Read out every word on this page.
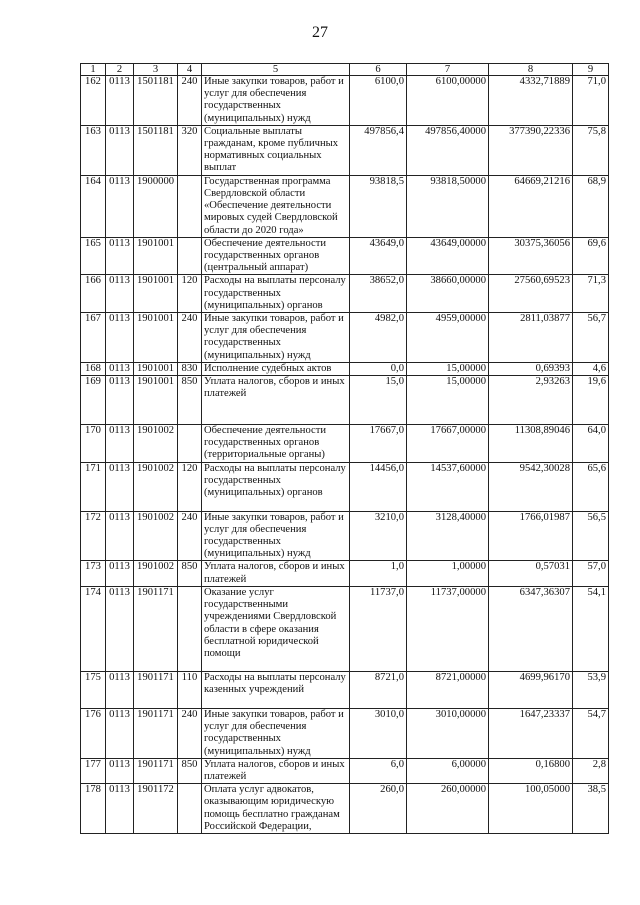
27
1	2	3	4	5	6	7	8	9
162	0113	1501181	240	Иные закупки товаров, работ и услуг для обеспечения государственных (муниципальных) нужд	6100,0	6100,00000	4332,71889	71,0
163	0113	1501181	320	Социальные выплаты гражданам, кроме публичных нормативных социальных выплат	497856,4	497856,40000	377390,22336	75,8
164	0113	1900000		Государственная программа Свердловской области «Обеспечение деятельности мировых судей Свердловской области до 2020 года»	93818,5	93818,50000	64669,21216	68,9
165	0113	1901001		Обеспечение деятельности государственных органов (центральный аппарат)	43649,0	43649,00000	30375,36056	69,6
166	0113	1901001	120	Расходы на выплаты персоналу государственных (муниципальных) органов	38652,0	38660,00000	27560,69523	71,3
167	0113	1901001	240	Иные закупки товаров, работ и услуг для обеспечения государственных (муниципальных) нужд	4982,0	4959,00000	2811,03877	56,7
168	0113	1901001	830	Исполнение судебных актов	0,0	15,00000	0,69393	4,6
169	0113	1901001	850	Уплата налогов, сборов и иных платежей	15,0	15,00000	2,93263	19,6
170	0113	1901002		Обеспечение деятельности государственных органов (территориальные органы)	17667,0	17667,00000	11308,89046	64,0
171	0113	1901002	120	Расходы на выплаты персоналу государственных (муниципальных) органов	14456,0	14537,60000	9542,30028	65,6
172	0113	1901002	240	Иные закупки товаров, работ и услуг для обеспечения государственных (муниципальных) нужд	3210,0	3128,40000	1766,01987	56,5
173	0113	1901002	850	Уплата налогов, сборов и иных платежей	1,0	1,00000	0,57031	57,0
174	0113	1901171		Оказание услуг государственными учреждениями Свердловской области в сфере оказания бесплатной юридической помощи	11737,0	11737,00000	6347,36307	54,1
175	0113	1901171	110	Расходы на выплаты персоналу казенных учреждений	8721,0	8721,00000	4699,96170	53,9
176	0113	1901171	240	Иные закупки товаров, работ и услуг для обеспечения государственных (муниципальных) нужд	3010,0	3010,00000	1647,23337	54,7
177	0113	1901171	850	Уплата налогов, сборов и иных платежей	6,0	6,00000	0,16800	2,8
178	0113	1901172		Оплата услуг адвокатов, оказывающим юридическую помощь бесплатно гражданам Российской Федерации,	260,0	260,00000	100,05000	38,5
